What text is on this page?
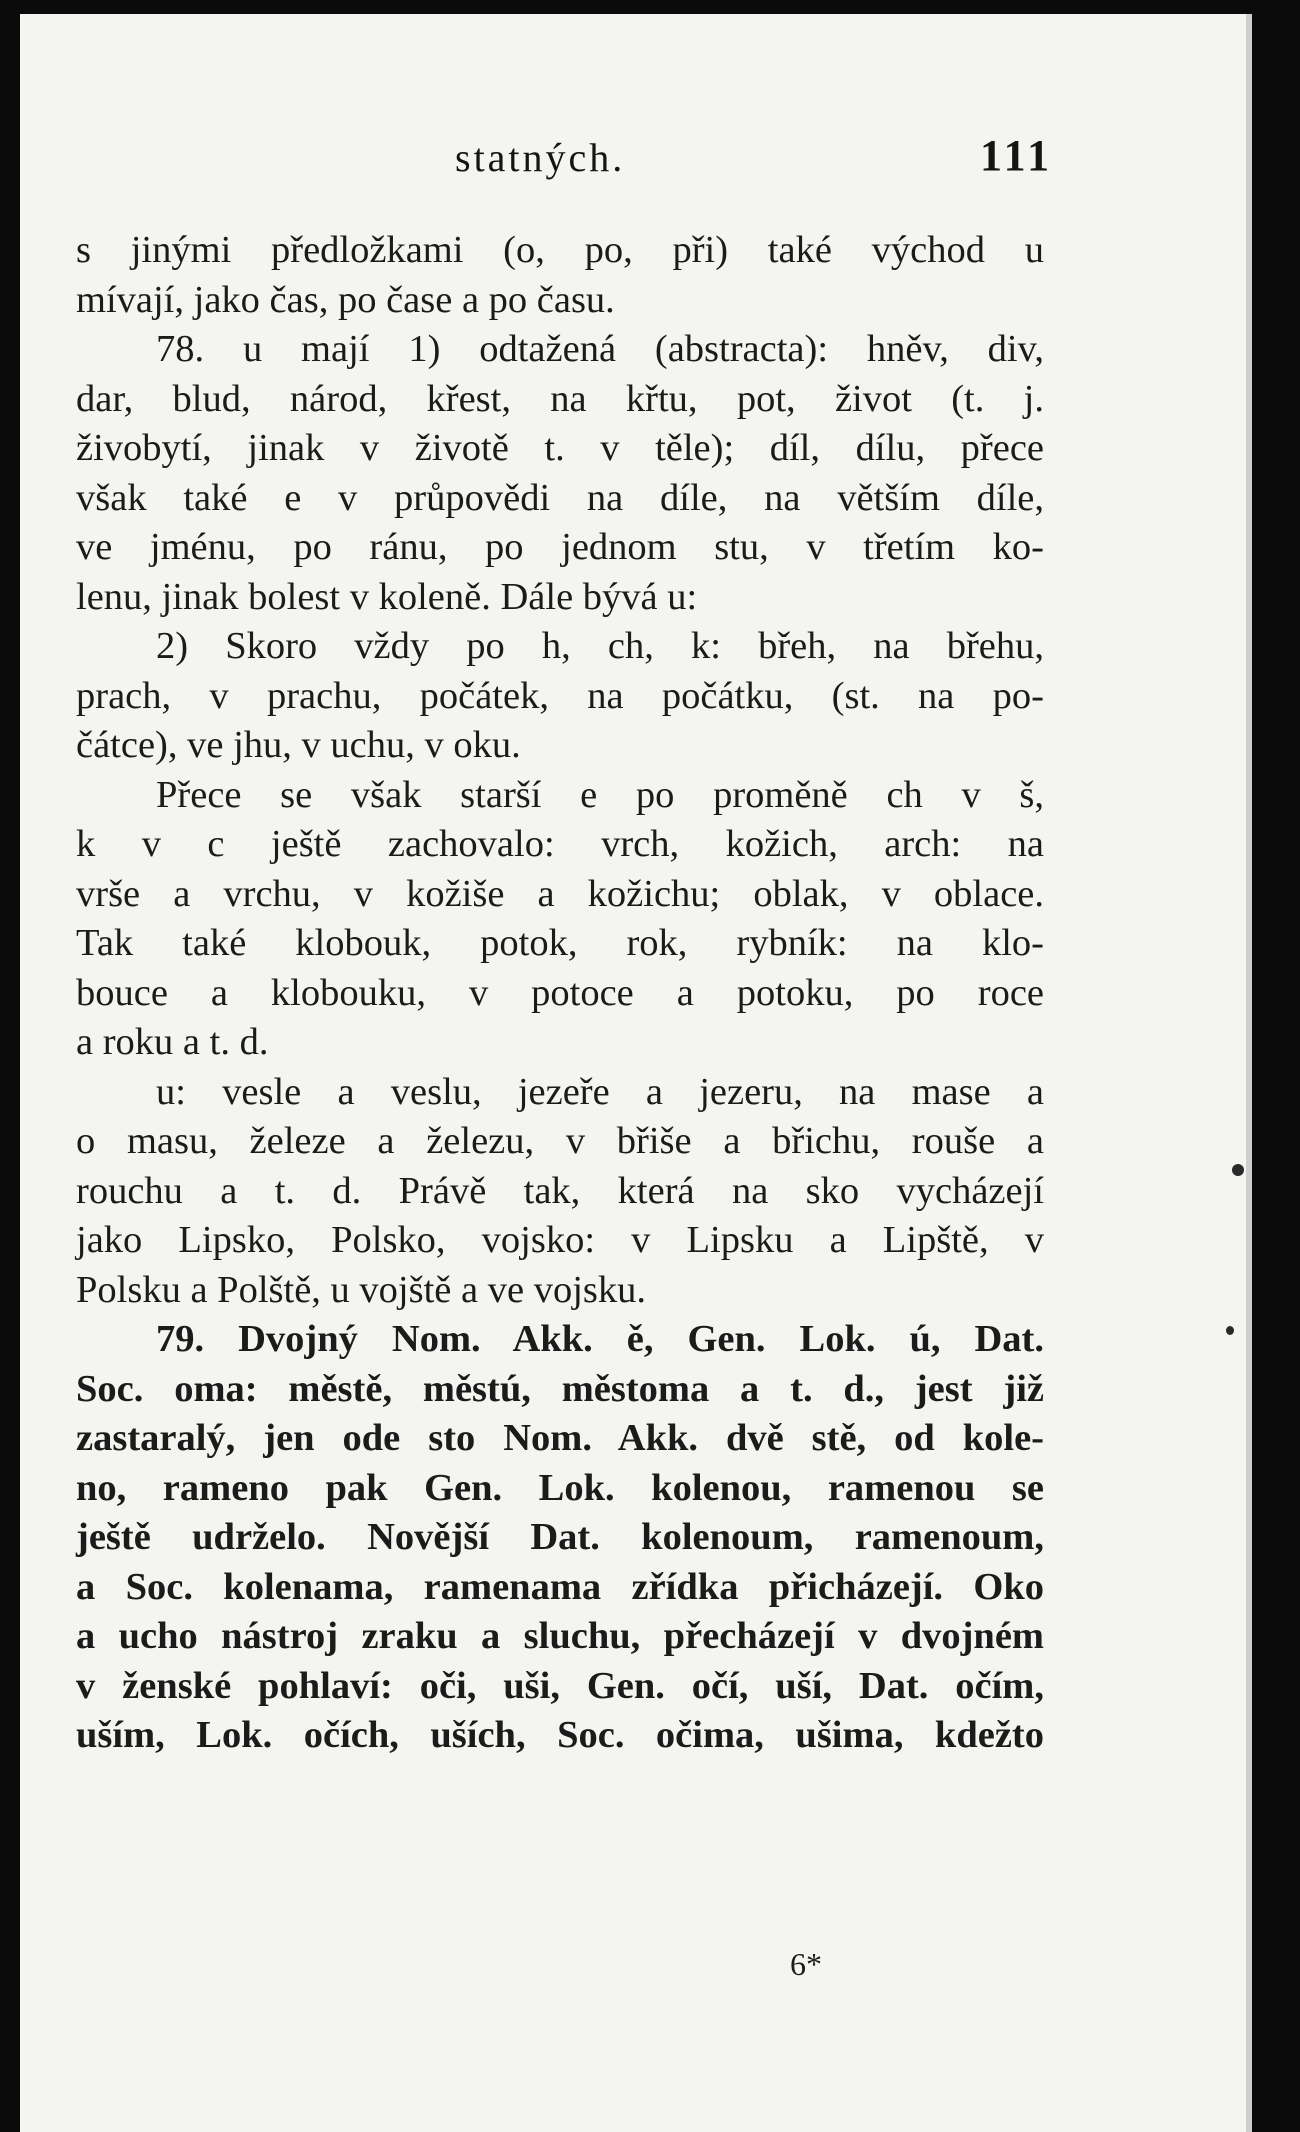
statných.	111
s jinými předložkami (o, po, při) také východ u
mívají, jako čas, po čase a po času.
78. u mají 1) odtažená (abstracta): hněv, div,
dar, blud, národ, křest, na křtu, pot, život (t. j.
živobytí, jinak v životě t. v těle); díl, dílu, přece
však také e v průpovědi na díle, na větším díle,
ve jménu, po ránu, po jednom stu, v třetím ko-
lenu, jinak bolest v koleně. Dále bývá u:
2) Skoro vždy po h, ch, k: břeh, na břehu,
prach, v prachu, počátek, na počátku, (st. na po-
čátce), ve jhu, v uchu, v oku.
Přece se však starší e po proměně ch v š,
k v c ještě zachovalo: vrch, kožich, arch: na
vrše a vrchu, v kožiše a kožichu; oblak, v oblace.
Tak také klobouk, potok, rok, rybník: na klo-
bouce a klobouku, v potoce a potoku, po roce
a roku a t. d.
u: vesle a veslu, jezeře a jezeru, na mase a
o masu, železe a železu, v břiše a břichu, rouše a
rouchu a t. d. Právě tak, která na sko vycházejí
jako Lipsko, Polsko, vojsko: v Lipsku a Lipště, v
Polsku a Polště, u vojště a ve vojsku.
79. Dvojný Nom. Akk. ě, Gen. Lok. ú, Dat.
Soc. oma: městě, městú, městoma a t. d., jest již
zastaralý, jen ode sto Nom. Akk. dvě stě, od kole-
no, rameno pak Gen. Lok. kolenou, ramenou se
ještě udrželo. Novější Dat. kolenoum, ramenoum,
a Soc. kolenama, ramenama zřídka přicházejí. Oko
a ucho nástroj zraku a sluchu, přecházejí v dvojném
v ženské pohlaví: oči, uši, Gen. očí, uší, Dat. očím,
uším, Lok. očích, uších, Soc. očima, ušima, kdežto
6*
